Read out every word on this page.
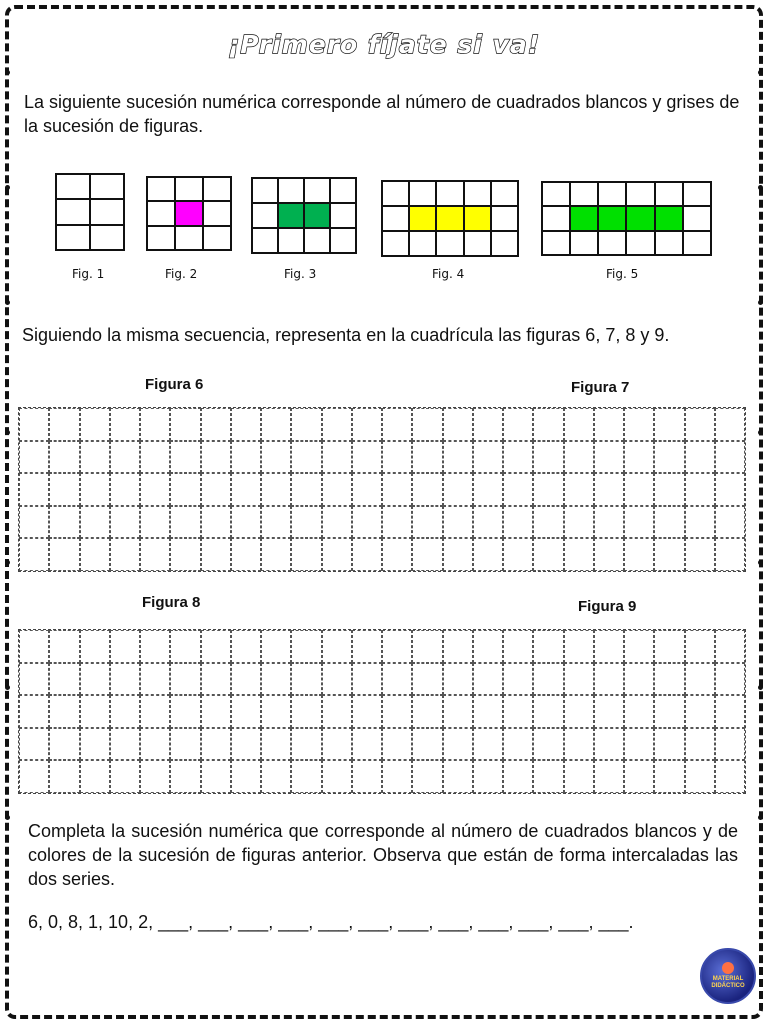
¡Primero fíjate si va!
La siguiente sucesión numérica corresponde al número de cuadrados blancos y grises de la sucesión de figuras.
Fig. 1	Fig. 2	Fig. 3	Fig. 4	Fig. 5
Siguiendo la misma secuencia, representa en la cuadrícula las figuras 6, 7, 8 y 9.
Figura 6	Figura 7
Figura 8	Figura 9
Completa la sucesión numérica que corresponde al número de cuadrados blancos y de colores de la sucesión de figuras anterior. Observa que están de forma intercaladas las dos series.
6, 0, 8, 1, 10, 2, ___, ___, ___, ___, ___, ___, ___, ___, ___, ___, ___, ___.
MATERIAL
DIDÁCTICO
